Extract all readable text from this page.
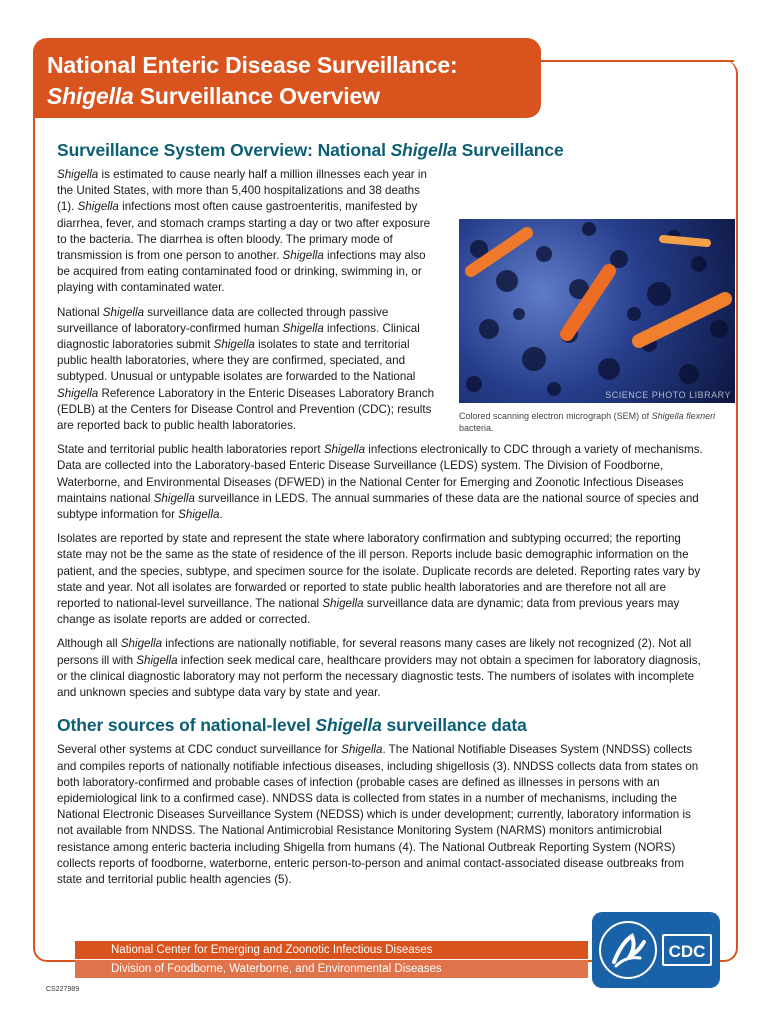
National Enteric Disease Surveillance:
Shigella Surveillance Overview
Surveillance System Overview: National Shigella Surveillance

Shigella is estimated to cause nearly half a million illnesses each year in the United States, with more than 5,400 hospitalizations and 38 deaths (1). Shigella infections most often cause gastroenteritis, manifested by diarrhea, fever, and stomach cramps starting a day or two after exposure to the bacteria. The diarrhea is often bloody. The primary mode of transmission is from one person to another. Shigella infections may also be acquired from eating contaminated food or drinking, swimming in, or playing with contaminated water.

National Shigella surveillance data are collected through passive surveillance of laboratory-confirmed human Shigella infections. Clinical diagnostic laboratories submit Shigella isolates to state and territorial public health laboratories, where they are confirmed, speciated, and subtyped. Unusual or untypable isolates are forwarded to the National Shigella Reference Laboratory in the Enteric Diseases Laboratory Branch (EDLB) at the Centers for Disease Control and Prevention (CDC); results are reported back to public health laboratories.

SCIENCE PHOTO LIBRARY
Colored scanning electron micrograph (SEM) of Shigella flexneri bacteria.

State and territorial public health laboratories report Shigella infections electronically to CDC through a variety of mechanisms. Data are collected into the Laboratory-based Enteric Disease Surveillance (LEDS) system. The Division of Foodborne, Waterborne, and Environmental Diseases (DFWED) in the National Center for Emerging and Zoonotic Infectious Diseases maintains national Shigella surveillance in LEDS. The annual summaries of these data are the national source of species and subtype information for Shigella.

Isolates are reported by state and represent the state where laboratory confirmation and subtyping occurred; the reporting state may not be the same as the state of residence of the ill person. Reports include basic demographic information on the patient, and the species, subtype, and specimen source for the isolate. Duplicate records are deleted. Reporting rates vary by state and year. Not all isolates are forwarded or reported to state public health laboratories and are therefore not all are reported to national-level surveillance. The national Shigella surveillance data are dynamic; data from previous years may change as isolate reports are added or corrected.

Although all Shigella infections are nationally notifiable, for several reasons many cases are likely not recognized (2). Not all persons ill with Shigella infection seek medical care, healthcare providers may not obtain a specimen for laboratory diagnosis, or the clinical diagnostic laboratory may not perform the necessary diagnostic tests. The numbers of isolates with incomplete and unknown species and subtype data vary by state and year.

Other sources of national-level Shigella surveillance data

Several other systems at CDC conduct surveillance for Shigella. The National Notifiable Diseases System (NNDSS) collects and compiles reports of nationally notifiable infectious diseases, including shigellosis (3). NNDSS collects data from states on both laboratory-confirmed and probable cases of infection (probable cases are defined as illnesses in persons with an epidemiological link to a confirmed case). NNDSS data is collected from states in a number of mechanisms, including the National Electronic Diseases Surveillance System (NEDSS) which is under development; currently, laboratory information is not available from NNDSS. The National Antimicrobial Resistance Monitoring System (NARMS) monitors antimicrobial resistance among enteric bacteria including Shigella from humans (4). The National Outbreak Reporting System (NORS) collects reports of foodborne, waterborne, enteric person-to-person and animal contact-associated disease outbreaks from state and territorial public health agencies (5).

National Center for Emerging and Zoonotic Infectious Diseases
Division of Foodborne, Waterborne, and Environmental Diseases
CDC
CS227989
